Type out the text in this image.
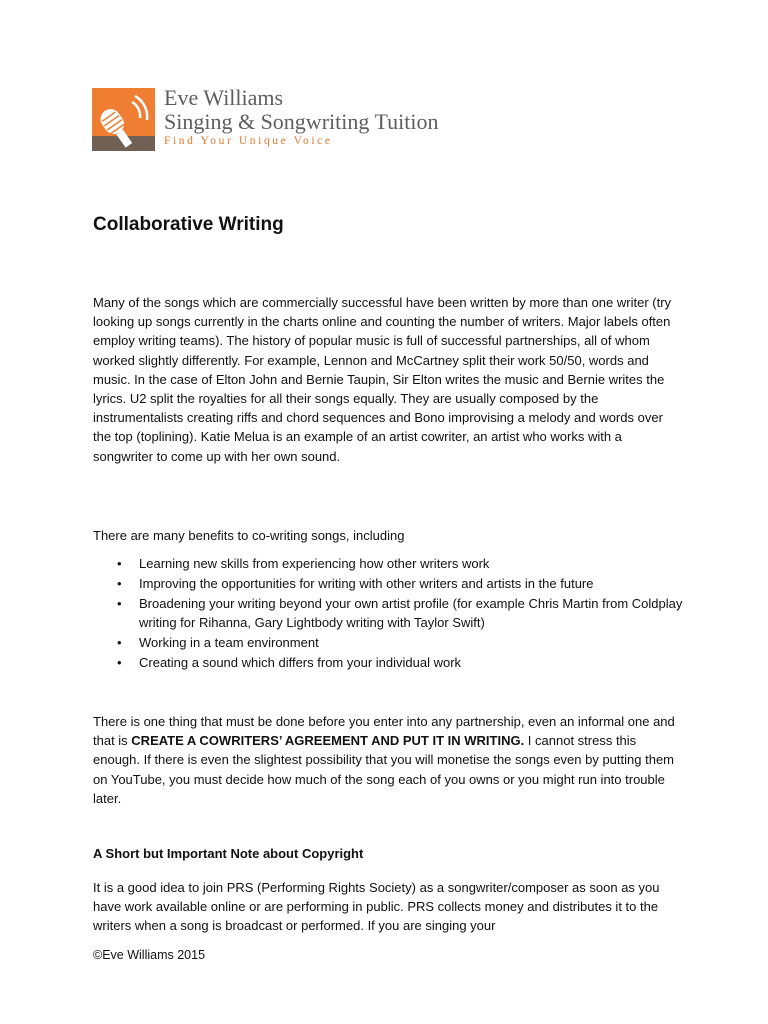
Eve Williams
Singing & Songwriting Tuition
Find Your Unique Voice
Collaborative Writing

Many of the songs which are commercially successful have been written by more than one writer (try looking up songs currently in the charts online and counting the number of writers. Major labels often employ writing teams). The history of popular music is full of successful partnerships, all of whom worked slightly differently. For example, Lennon and McCartney split their work 50/50, words and music. In the case of Elton John and Bernie Taupin, Sir Elton writes the music and Bernie writes the lyrics. U2 split the royalties for all their songs equally. They are usually composed by the instrumentalists creating riffs and chord sequences and Bono improvising a melody and words over the top (toplining). Katie Melua is an example of an artist cowriter, an artist who works with a songwriter to come up with her own sound.

There are many benefits to co-writing songs, including

• Learning new skills from experiencing how other writers work
• Improving the opportunities for writing with other writers and artists in the future
• Broadening your writing beyond your own artist profile (for example Chris Martin from Coldplay writing for Rihanna, Gary Lightbody writing with Taylor Swift)
• Working in a team environment
• Creating a sound which differs from your individual work

There is one thing that must be done before you enter into any partnership, even an informal one and that is CREATE A COWRITERS’ AGREEMENT AND PUT IT IN WRITING. I cannot stress this enough. If there is even the slightest possibility that you will monetise the songs even by putting them on YouTube, you must decide how much of the song each of you owns or you might run into trouble later.

A Short but Important Note about Copyright

It is a good idea to join PRS (Performing Rights Society) as a songwriter/composer as soon as you have work available online or are performing in public. PRS collects money and distributes it to the writers when a song is broadcast or performed. If you are singing your

©Eve Williams 2015
